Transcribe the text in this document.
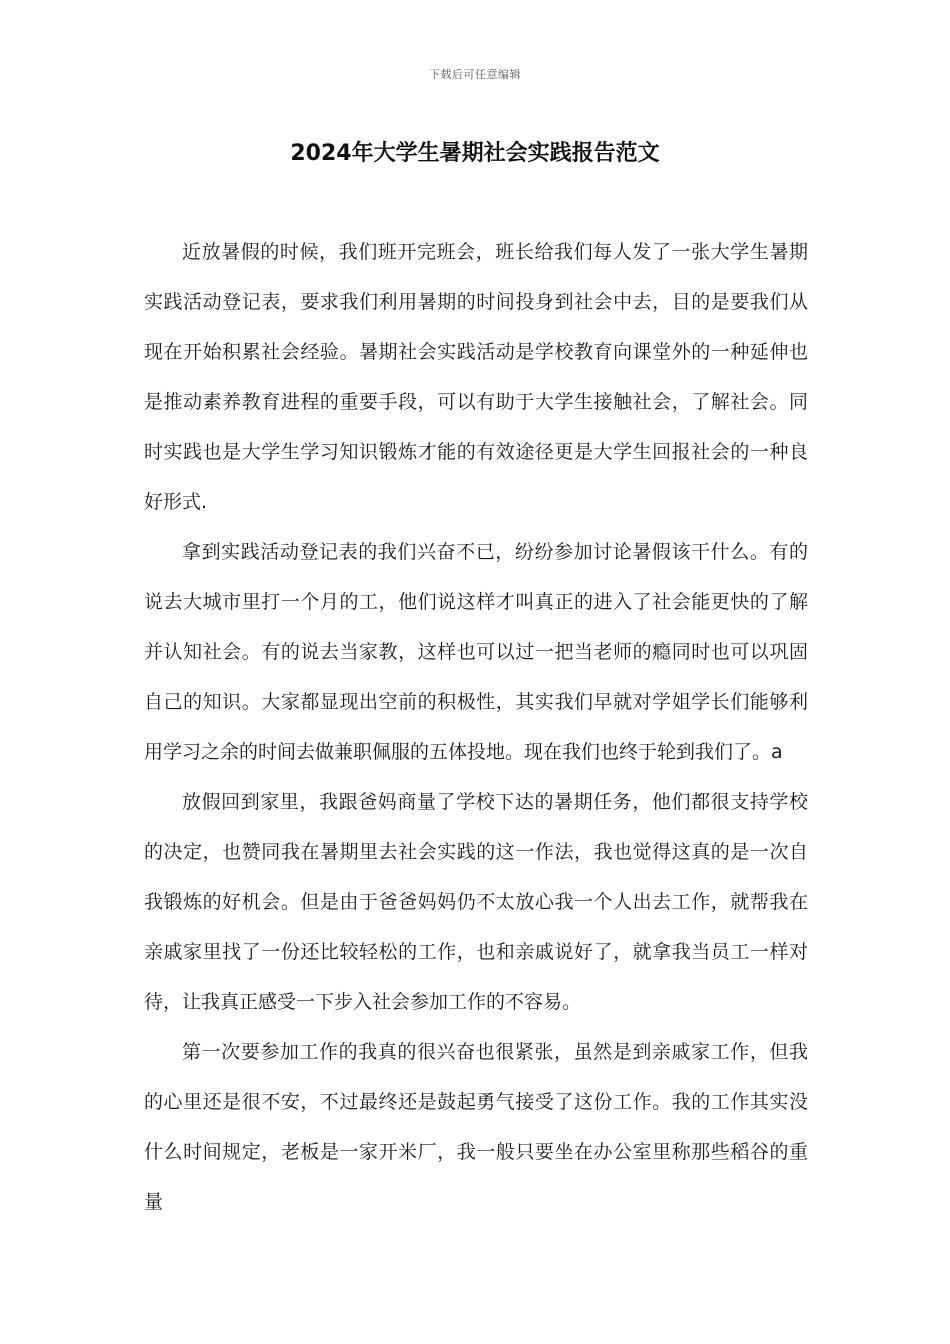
下载后可任意编辑
2024年大学生暑期社会实践报告范文

近放暑假的时候，我们班开完班会，班长给我们每人发了一张大学生暑期实践活动登记表，要求我们利用暑期的时间投身到社会中去，目的是要我们从现在开始积累社会经验。暑期社会实践活动是学校教育向课堂外的一种延伸也是推动素养教育进程的重要手段，可以有助于大学生接触社会，了解社会。同时实践也是大学生学习知识锻炼才能的有效途径更是大学生回报社会的一种良好形式.

拿到实践活动登记表的我们兴奋不已，纷纷参加讨论暑假该干什么。有的说去大城市里打一个月的工，他们说这样才叫真正的进入了社会能更快的了解并认知社会。有的说去当家教，这样也可以过一把当老师的瘾同时也可以巩固自己的知识。大家都显现出空前的积极性，其实我们早就对学姐学长们能够利用学习之余的时间去做兼职佩服的五体投地。现在我们也终于轮到我们了。a

放假回到家里，我跟爸妈商量了学校下达的暑期任务，他们都很支持学校的决定，也赞同我在暑期里去社会实践的这一作法，我也觉得这真的是一次自我锻炼的好机会。但是由于爸爸妈妈仍不太放心我一个人出去工作，就帮我在亲戚家里找了一份还比较轻松的工作，也和亲戚说好了，就拿我当员工一样对待，让我真正感受一下步入社会参加工作的不容易。

第一次要参加工作的我真的很兴奋也很紧张，虽然是到亲戚家工作，但我的心里还是很不安，不过最终还是鼓起勇气接受了这份工作。我的工作其实没什么时间规定，老板是一家开米厂，我一般只要坐在办公室里称那些稻谷的重量
